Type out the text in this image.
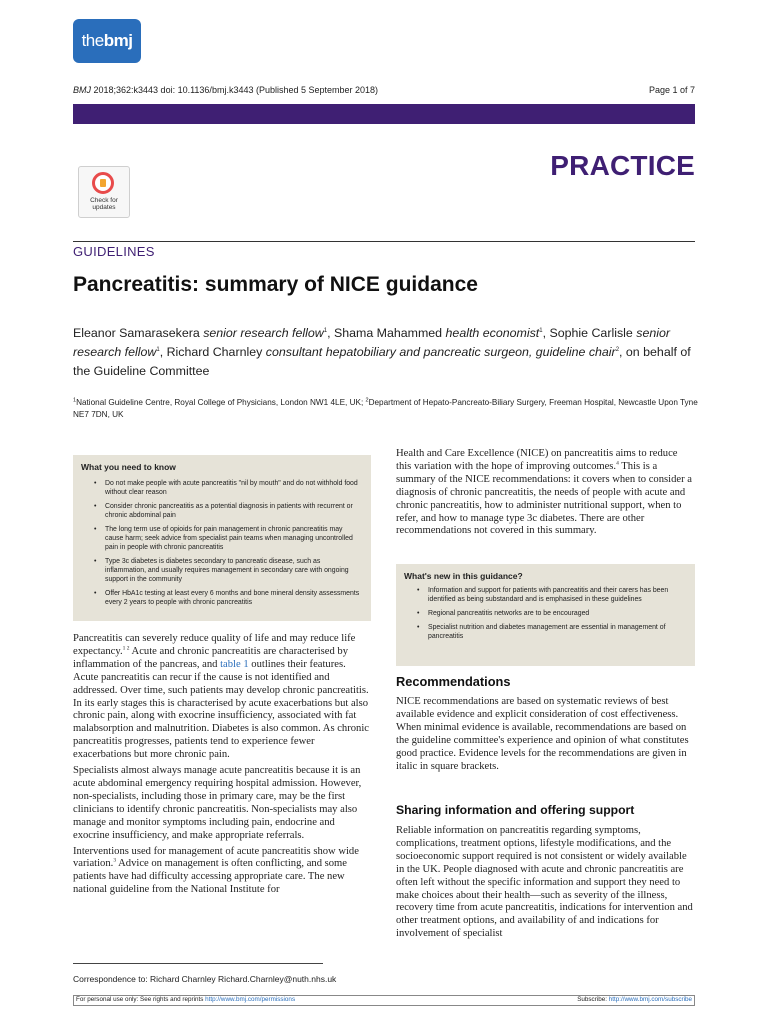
the bmj
BMJ 2018;362:k3443 doi: 10.1136/bmj.k3443 (Published 5 September 2018)	Page 1 of 7
PRACTICE
Check for
updates
GUIDELINES
Pancreatitis: summary of NICE guidance
Eleanor Samarasekera senior research fellow$^1$, Shama Mahammed health economist$^1$, Sophie Carlisle senior research fellow$^1$, Richard Charnley consultant hepatobiliary and pancreatic surgeon, guideline chair$^2$, on behalf of the Guideline Committee
$^1$National Guideline Centre, Royal College of Physicians, London NW1 4LE, UK; $^2$Department of Hepato-Pancreato-Biliary Surgery, Freeman Hospital, Newcastle Upon Tyne NE7 7DN, UK
What you need to know
• Do not make people with acute pancreatitis "nil by mouth" and do not withhold food without clear reason
• Consider chronic pancreatitis as a potential diagnosis in patients with recurrent or chronic abdominal pain
• The long term use of opioids for pain management in chronic pancreatitis may cause harm; seek advice from specialist pain teams when managing uncontrolled pain in people with chronic pancreatitis
• Type 3c diabetes is diabetes secondary to pancreatic disease, such as inflammation, and usually requires management in secondary care with ongoing support in the community
• Offer HbA1c testing at least every 6 months and bone mineral density assessments every 2 years to people with chronic pancreatitis

Pancreatitis can severely reduce quality of life and may reduce life expectancy.$^{1 2}$ Acute and chronic pancreatitis are characterised by inflammation of the pancreas, and table 1 outlines their features. Acute pancreatitis can recur if the cause is not identified and addressed. Over time, such patients may develop chronic pancreatitis. In its early stages this is characterised by acute exacerbations but also chronic pain, along with exocrine insufficiency, associated with fat malabsorption and malnutrition. Diabetes is also common. As chronic pancreatitis progresses, patients tend to experience fewer exacerbations but more chronic pain.

Specialists almost always manage acute pancreatitis because it is an acute abdominal emergency requiring hospital admission. However, non-specialists, including those in primary care, may be the first clinicians to identify chronic pancreatitis. Non-specialists may also manage and monitor symptoms including pain, endocrine and exocrine insufficiency, and make appropriate referrals.

Interventions used for management of acute pancreatitis show wide variation.$^3$ Advice on management is often conflicting, and some patients have had difficulty accessing appropriate care. The new national guideline from the National Institute for

Health and Care Excellence (NICE) on pancreatitis aims to reduce this variation with the hope of improving outcomes.$^4$ This is a summary of the NICE recommendations: it covers when to consider a diagnosis of chronic pancreatitis, the needs of people with acute and chronic pancreatitis, how to administer nutritional support, when to refer, and how to manage type 3c diabetes. There are other recommendations not covered in this summary.

What's new in this guidance?
• Information and support for patients with pancreatitis and their carers has been identified as being substandard and is emphasised in these guidelines
• Regional pancreatitis networks are to be encouraged
• Specialist nutrition and diabetes management are essential in management of pancreatitis
Recommendations

NICE recommendations are based on systematic reviews of best available evidence and explicit consideration of cost effectiveness. When minimal evidence is available, recommendations are based on the guideline committee's experience and opinion of what constitutes good practice. Evidence levels for the recommendations are given in italic in square brackets.

Sharing information and offering support

Reliable information on pancreatitis regarding symptoms, complications, treatment options, lifestyle modifications, and the socioeconomic support required is not consistent or widely available in the UK. People diagnosed with acute and chronic pancreatitis are often left without the specific information and support they need to make choices about their health—such as severity of the illness, recovery time from acute pancreatitis, indications for intervention and other treatment options, and availability of and indications for involvement of specialist

Correspondence to: Richard Charnley Richard.Charnley@nuth.nhs.uk
For personal use only: See rights and reprints http://www.bmj.com/permissions	Subscribe: http://www.bmj.com/subscribe
